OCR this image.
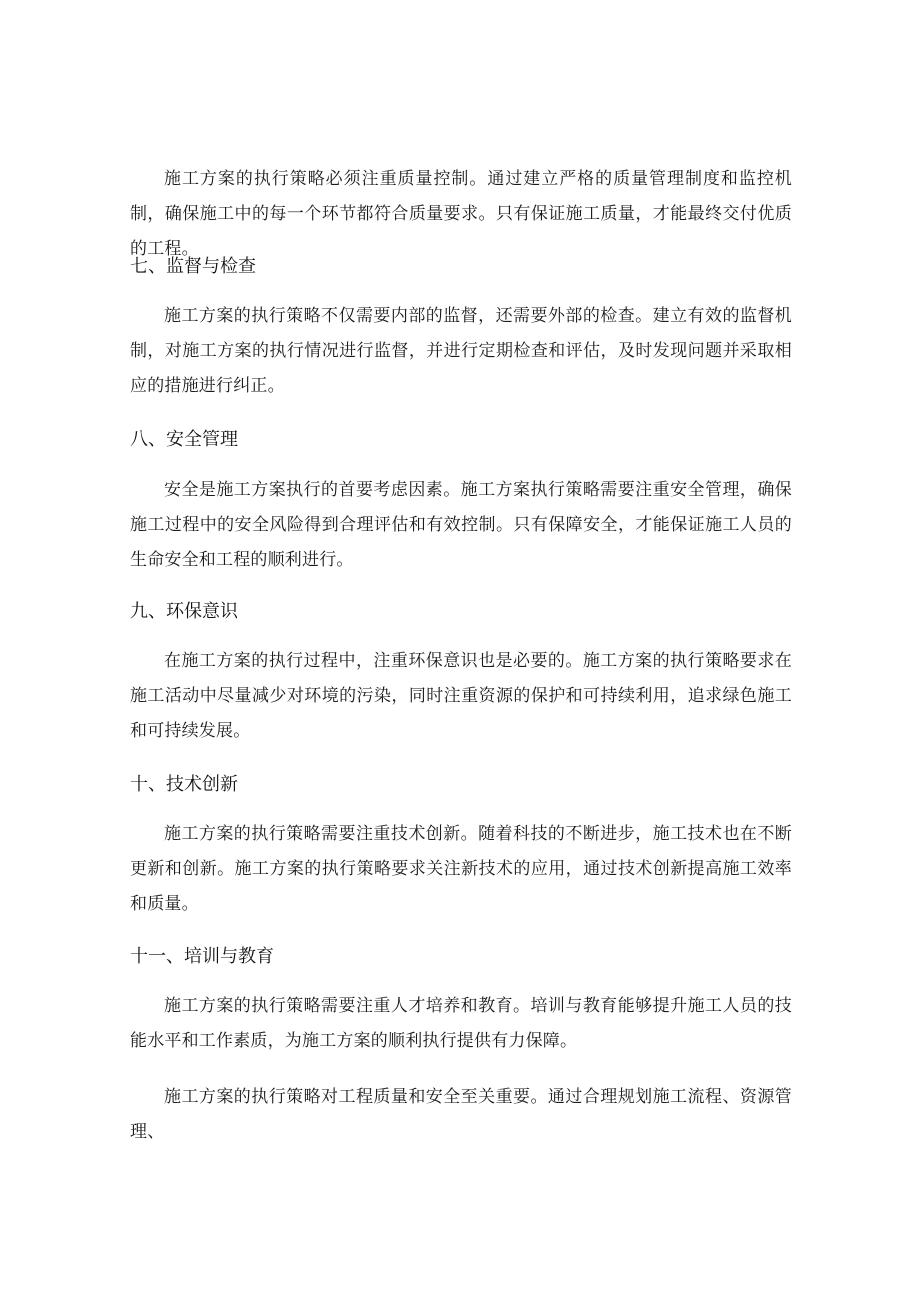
施工方案的执行策略必须注重质量控制。通过建立严格的质量管理制度和监控机制，确保施工中的每一个环节都符合质量要求。只有保证施工质量，才能最终交付优质的工程。

七、监督与检查

施工方案的执行策略不仅需要内部的监督，还需要外部的检查。建立有效的监督机制，对施工方案的执行情况进行监督，并进行定期检查和评估，及时发现问题并采取相应的措施进行纠正。

八、安全管理

安全是施工方案执行的首要考虑因素。施工方案执行策略需要注重安全管理，确保施工过程中的安全风险得到合理评估和有效控制。只有保障安全，才能保证施工人员的生命安全和工程的顺利进行。

九、环保意识

在施工方案的执行过程中，注重环保意识也是必要的。施工方案的执行策略要求在施工活动中尽量减少对环境的污染，同时注重资源的保护和可持续利用，追求绿色施工和可持续发展。

十、技术创新

施工方案的执行策略需要注重技术创新。随着科技的不断进步，施工技术也在不断更新和创新。施工方案的执行策略要求关注新技术的应用，通过技术创新提高施工效率和质量。

十一、培训与教育

施工方案的执行策略需要注重人才培养和教育。培训与教育能够提升施工人员的技能水平和工作素质，为施工方案的顺利执行提供有力保障。

施工方案的执行策略对工程质量和安全至关重要。通过合理规划施工流程、资源管理、
